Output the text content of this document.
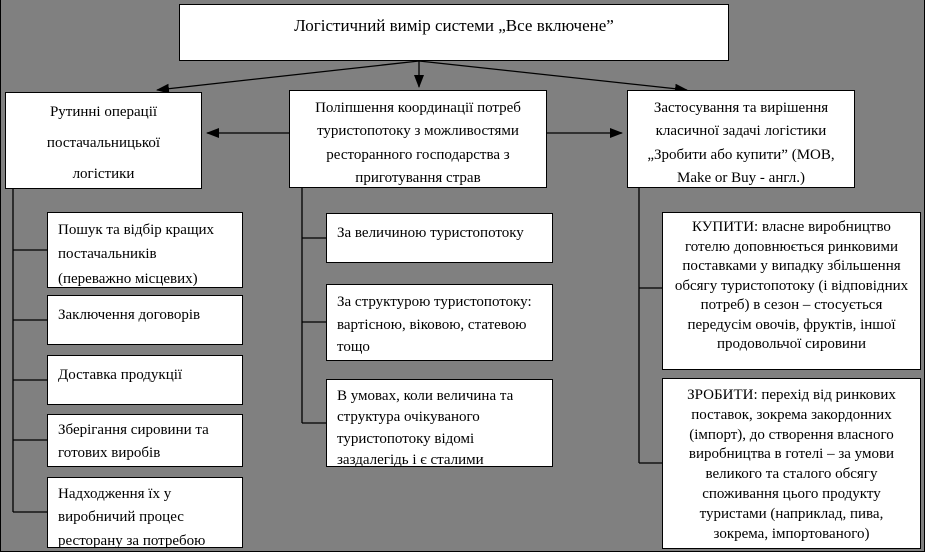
Логістичний вимір системи „Все включене”
Рутинні операції постачальницької логістики
Поліпшення координації потреб туристопотоку з можливостями ресторанного господарства з приготування страв
Застосування та вирішення класичної задачі логістики „Зробити або купити” (МОВ, Make or Buy - англ.)
Пошук та відбір кращих постачальників (переважно місцевих)
Заключення договорів
Доставка продукції
Зберігання сировини та готових виробів
Надходження їх у виробничий процес ресторану за потребою
За величиною туристопотоку
За структурою туристопотоку: вартісною, віковою, статевою тощо
В умовах, коли величина та структура очікуваного туристопотоку відомі заздалегідь і є сталими
КУПИТИ: власне виробництво готелю доповнюється ринковими поставками у випадку збільшення обсягу туристопотоку (і відповідних потреб) в сезон – стосується передусім овочів, фруктів, іншої продовольчої сировини
ЗРОБИТИ: перехід від ринкових поставок, зокрема закордонних (імпорт), до створення власного виробництва в готелі – за умови великого та сталого обсягу споживання цього продукту туристами (наприклад, пива, зокрема, імпортованого)
